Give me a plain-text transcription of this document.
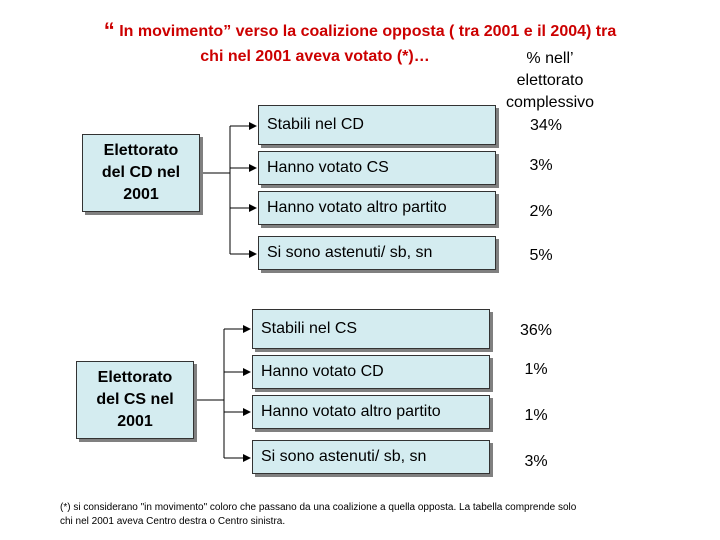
“ In movimento” verso la coalizione opposta ( tra 2001 e il 2004) tra
chi nel 2001 aveva votato (*)…	% nell’
elettorato
complessivo
Elettorato
del CD nel
2001
Stabili nel CD
Hanno votato CS
Hanno votato altro partito
Si sono astenuti/ sb, sn
34%
3%
2%
5%
Elettorato
del CS nel
2001
Stabili nel CS
Hanno votato CD
Hanno votato altro partito
Si sono astenuti/ sb, sn
36%
1%
1%
3%
(*) si considerano "in movimento" coloro che passano da una coalizione a quella opposta. La tabella comprende solo
chi nel 2001 aveva Centro destra o Centro sinistra.
